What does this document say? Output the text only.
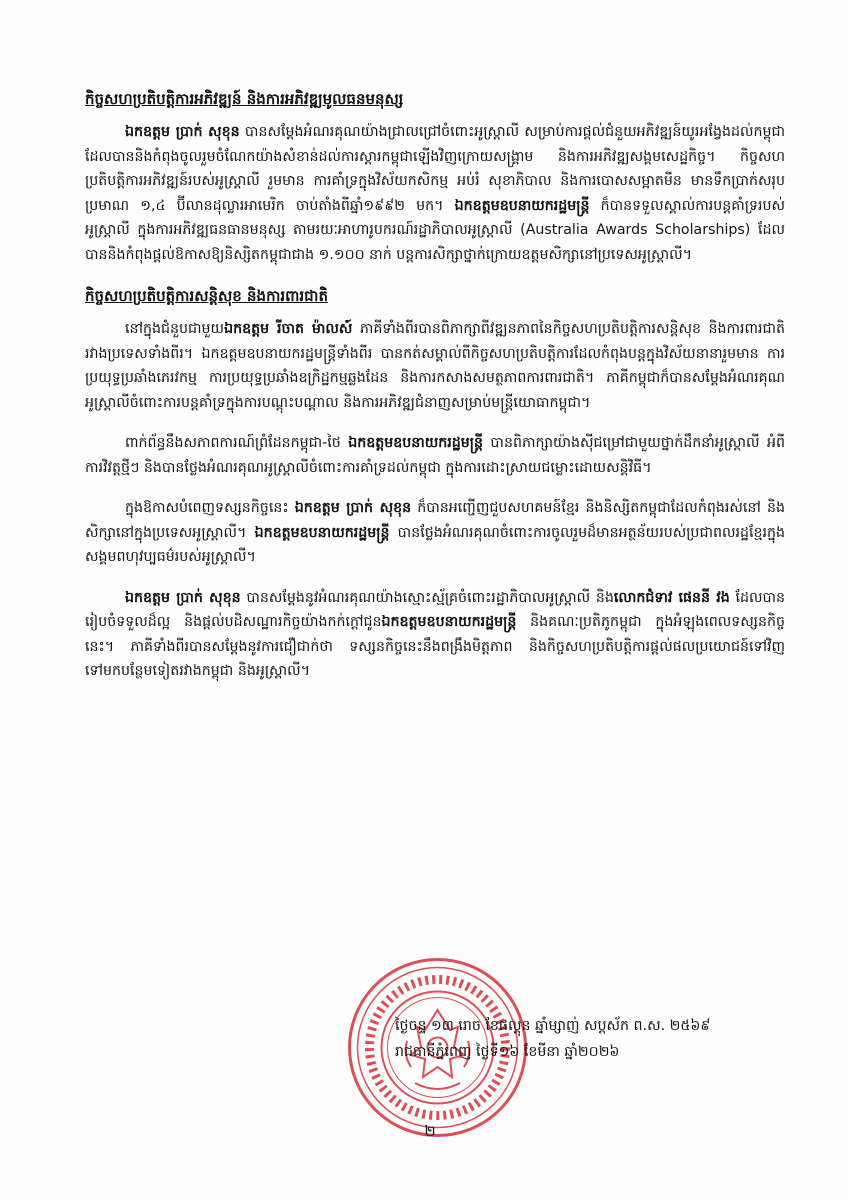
កិច្ចសហប្រតិបត្តិការអភិវឌ្ឍន៍ និងការអភិវឌ្ឍមូលធនមនុស្ស

ឯកឧត្តម ប្រាក់ សុខុន បានសម្តែងអំណរគុណយ៉ាងជ្រាលជ្រៅចំពោះអូស្ត្រាលី សម្រាប់ការផ្តល់ជំនួយអភិវឌ្ឍន៍យូរអង្វែងដល់កម្ពុជា ដែលបាននិងកំពុងចូលរួមចំណែកយ៉ាងសំខាន់ដល់ការស្តារកម្ពុជាឡើងវិញក្រោយសង្គ្រាម និងការអភិវឌ្ឍសង្គមសេដ្ឋកិច្ច។ កិច្ចសហប្រតិបត្តិការអភិវឌ្ឍន៍របស់អូស្ត្រាលី រួមមាន ការគាំទ្រក្នុងវិស័យកសិកម្ម អប់រំ សុខាភិបាល និងការបោសសម្អាតមីន មានទឹកប្រាក់សរុបប្រមាណ ១,៤ ប៊ីលានដុល្លារអាមេរិក ចាប់តាំងពីឆ្នាំ១៩៩២ មក។ ឯកឧត្តមឧបនាយករដ្ឋមន្ត្រី ក៏បានទទួលស្គាល់ការបន្តគាំទ្ររបស់អូស្ត្រាលី ក្នុងការអភិវឌ្ឍធនធានមនុស្ស តាមរយៈអាហារូបករណ៍រដ្ឋាភិបាលអូស្ត្រាលី (Australia Awards Scholarships) ដែលបាននិងកំពុងផ្តល់ឱកាសឱ្យនិស្សិតកម្ពុជាជាង ១.១០០ នាក់ បន្តការសិក្សាថ្នាក់ក្រោយឧត្តមសិក្សានៅប្រទេសអូស្ត្រាលី។

កិច្ចសហប្រតិបត្តិការសន្តិសុខ និងការពារជាតិ

នៅក្នុងជំនួបជាមួយឯកឧត្តម រីចាត ម៉ាលស៍ ភាគីទាំងពីរបានពិភាក្សាពីវឌ្ឍនភាពនៃកិច្ចសហប្រតិបត្តិការសន្តិសុខ និងការពារជាតិរវាងប្រទេសទាំងពីរ។ ឯកឧត្តមឧបនាយករដ្ឋមន្ត្រីទាំងពីរ បានកត់សម្គាល់ពីកិច្ចសហប្រតិបត្តិការដែលកំពុងបន្តក្នុងវិស័យនានារួមមាន ការប្រយុទ្ធប្រឆាំងភេរវកម្ម ការប្រយុទ្ធប្រឆាំងឧក្រិដ្ឋកម្មឆ្លងដែន និងការកសាងសមត្ថភាពការពារជាតិ។ ភាគីកម្ពុជាក៏បានសម្តែងអំណរគុណអូស្ត្រាលីចំពោះការបន្តគាំទ្រក្នុងការបណ្តុះបណ្តាល និងការអភិវឌ្ឍជំនាញសម្រាប់មន្ត្រីយោធាកម្ពុជា។

ពាក់ព័ន្ធនឹងសភាពការណ៍ព្រំដែនកម្ពុជា-ថៃ ឯកឧត្តមឧបនាយករដ្ឋមន្ត្រី បានពិភាក្សាយ៉ាងស៊ីជម្រៅជាមួយថ្នាក់ដឹកនាំអូស្ត្រាលី អំពីការវិវត្តថ្មីៗ និងបានថ្លែងអំណរគុណអូស្ត្រាលីចំពោះការគាំទ្រដល់កម្ពុជា ក្នុងការដោះស្រាយជម្លោះដោយសន្តិវិធី។

ក្នុងឱកាសបំពេញទស្សនកិច្ចនេះ ឯកឧត្តម ប្រាក់ សុខុន ក៏បានអញ្ជើញជួបសហគមន៍ខ្មែរ និងនិស្សិតកម្ពុជាដែលកំពុងរស់នៅ និងសិក្សានៅក្នុងប្រទេសអូស្ត្រាលី។ ឯកឧត្តមឧបនាយករដ្ឋមន្ត្រី បានថ្លែងអំណរគុណចំពោះការចូលរួមដ៏មានអត្ថន័យរបស់ប្រជាពលរដ្ឋខ្មែរក្នុងសង្គមពហុវប្បធម៌របស់អូស្ត្រាលី។

ឯកឧត្តម ប្រាក់ សុខុន បានសម្តែងនូវអំណរគុណយ៉ាងស្មោះស្ម័គ្រចំពោះរដ្ឋាភិបាលអូស្ត្រាលី និងលោកជំទាវ ផេននី វង ដែលបានរៀបចំទទួលដ៏ល្អ និងផ្តល់បដិសណ្ឋារកិច្ចយ៉ាងកក់ក្តៅជូនឯកឧត្តមឧបនាយករដ្ឋមន្ត្រី និងគណៈប្រតិភូកម្ពុជា ក្នុងអំឡុងពេលទស្សនកិច្ចនេះ។ ភាគីទាំងពីរបានសម្តែងនូវការជឿជាក់ថា ទស្សនកិច្ចនេះនឹងពង្រឹងមិត្តភាព និងកិច្ចសហប្រតិបត្តិការផ្តល់ផលប្រយោជន៍ទៅវិញទៅមកបន្ថែមទៀតរវាងកម្ពុជា និងអូស្ត្រាលី។

ថ្ងៃចន្ទ ១៣ រោច ខែផល្គុន ឆ្នាំម្សាញ់ សប្តស័ក ព.ស. ២៥៦៩
រាជធានីភ្នំពេញ ថ្ងៃទី១៦ ខែមីនា ឆ្នាំ២០២៦
២
